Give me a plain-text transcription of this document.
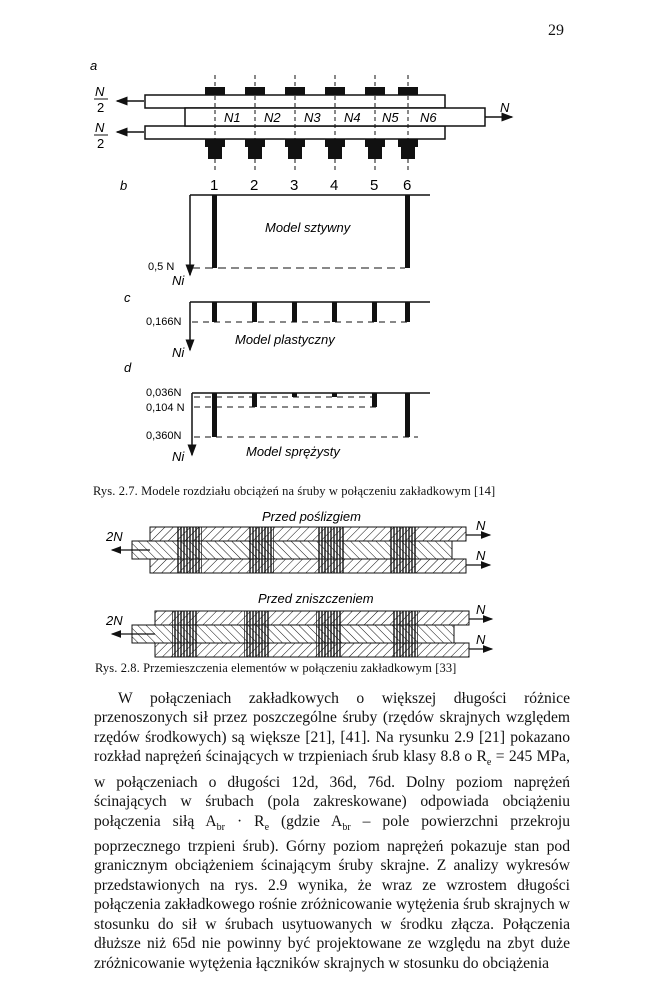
29
a
N
2
N
2
N
N1 N2 N3 N4 N5 N6
b	1 2 3 4 5 6
0,5 N
Ni
Model sztywny
c
0,166N
Ni
Model plastyczny
d
0,036N
0,104 N
0,360N
Ni	Model sprężysty
Rys. 2.7. Modele rozdziału obciążeń na śruby w połączeniu zakładkowym [14]
Przed poślizgiem
Przed zniszczeniem
2N
N
N
2N
N
N
Rys. 2.8. Przemieszczenia elementów w połączeniu zakładkowym [33]

W połączeniach zakładkowych o większej długości różnice przenoszonych sił przez poszczególne śruby (rzędów skrajnych względem rzędów środkowych) są większe [21], [41]. Na rysunku 2.9 [21] pokazano rozkład naprężeń ścinających w trzpieniach śrub klasy 8.8 o $R_e = 245$ MPa, w połączeniach o długości 12d, 36d, 76d. Dolny poziom naprężeń ścinających w śrubach (pola zakreskowane) odpowiada obciążeniu połączenia siłą $A_{br} \cdot R_e$ (gdzie $A_{br}$ – pole powierzchni przekroju poprzecznego trzpieni śrub). Górny poziom naprężeń pokazuje stan pod granicznym obciążeniem ścinającym śruby skrajne. Z analizy wykresów przedstawionych na rys. 2.9 wynika, że wraz ze wzrostem długości połączenia zakładkowego rośnie zróżnicowanie wytężenia śrub skrajnych w stosunku do sił w śrubach usytuowanych w środku złącza. Połączenia dłuższe niż 65d nie powinny być projektowane ze względu na zbyt duże zróżnicowanie wytężenia łączników skrajnych w stosunku do obciążenia
